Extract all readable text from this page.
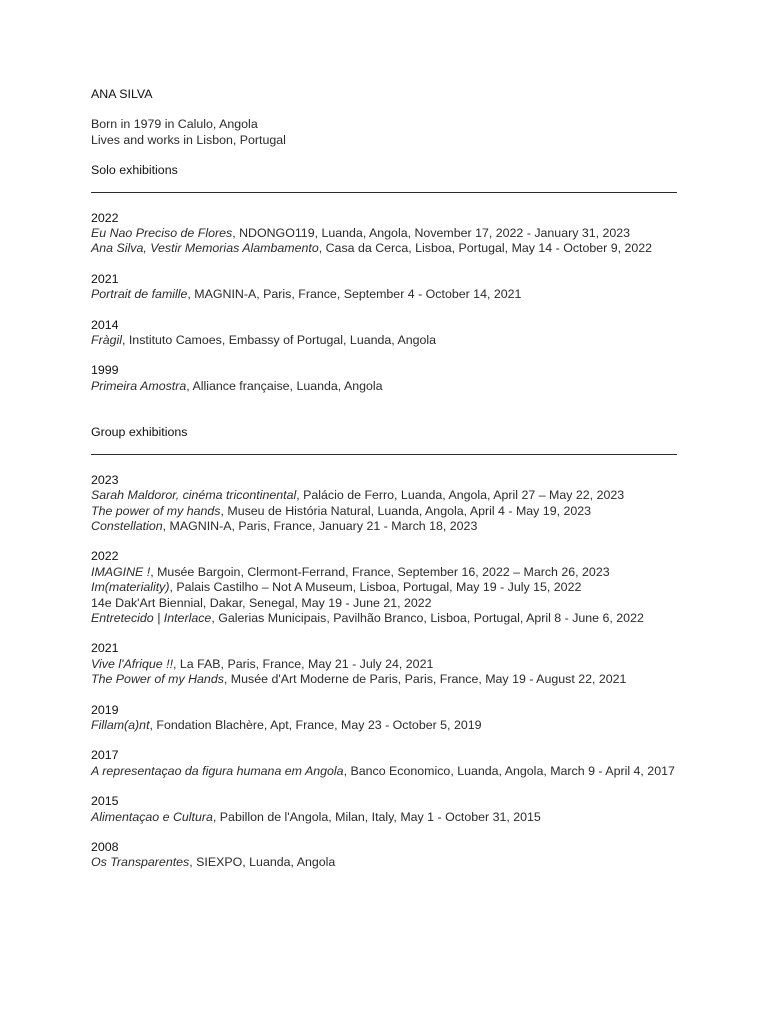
ANA SILVA
Born in 1979 in Calulo, Angola
Lives and works in Lisbon, Portugal
Solo exhibitions
2022
Eu Nao Preciso de Flores, NDONGO119, Luanda, Angola, November 17, 2022 - January 31, 2023
Ana Silva, Vestir Memorias Alambamento, Casa da Cerca, Lisboa, Portugal, May 14 - October 9, 2022
2021
Portrait de famille, MAGNIN-A, Paris, France, September 4 - October 14, 2021
2014
Fràgil, Instituto Camoes, Embassy of Portugal, Luanda, Angola
1999
Primeira Amostra, Alliance française, Luanda, Angola
Group exhibitions
2023
Sarah Maldoror, cinéma tricontinental, Palácio de Ferro, Luanda, Angola, April 27 – May 22, 2023
The power of my hands, Museu de História Natural, Luanda, Angola, April 4 - May 19, 2023
Constellation, MAGNIN-A, Paris, France, January 21 - March 18, 2023
2022
IMAGINE !, Musée Bargoin, Clermont-Ferrand, France, September 16, 2022 – March 26, 2023
Im(materiality), Palais Castilho – Not A Museum, Lisboa, Portugal, May 19 - July 15, 2022
14e Dak'Art Biennial, Dakar, Senegal, May 19 - June 21, 2022
Entretecido | Interlace, Galerias Municipais, Pavilhão Branco, Lisboa, Portugal, April 8 - June 6, 2022
2021
Vive l'Afrique !!, La FAB, Paris, France, May 21 - July 24, 2021
The Power of my Hands, Musée d'Art Moderne de Paris, Paris, France, May 19 - August 22, 2021
2019
Fillam(a)nt, Fondation Blachère, Apt, France, May 23 - October 5, 2019
2017
A representaçao da figura humana em Angola, Banco Economico, Luanda, Angola, March 9 - April 4, 2017
2015
Alimentaçao e Cultura, Pabillon de l'Angola, Milan, Italy, May 1 - October 31, 2015
2008
Os Transparentes, SIEXPO, Luanda, Angola
